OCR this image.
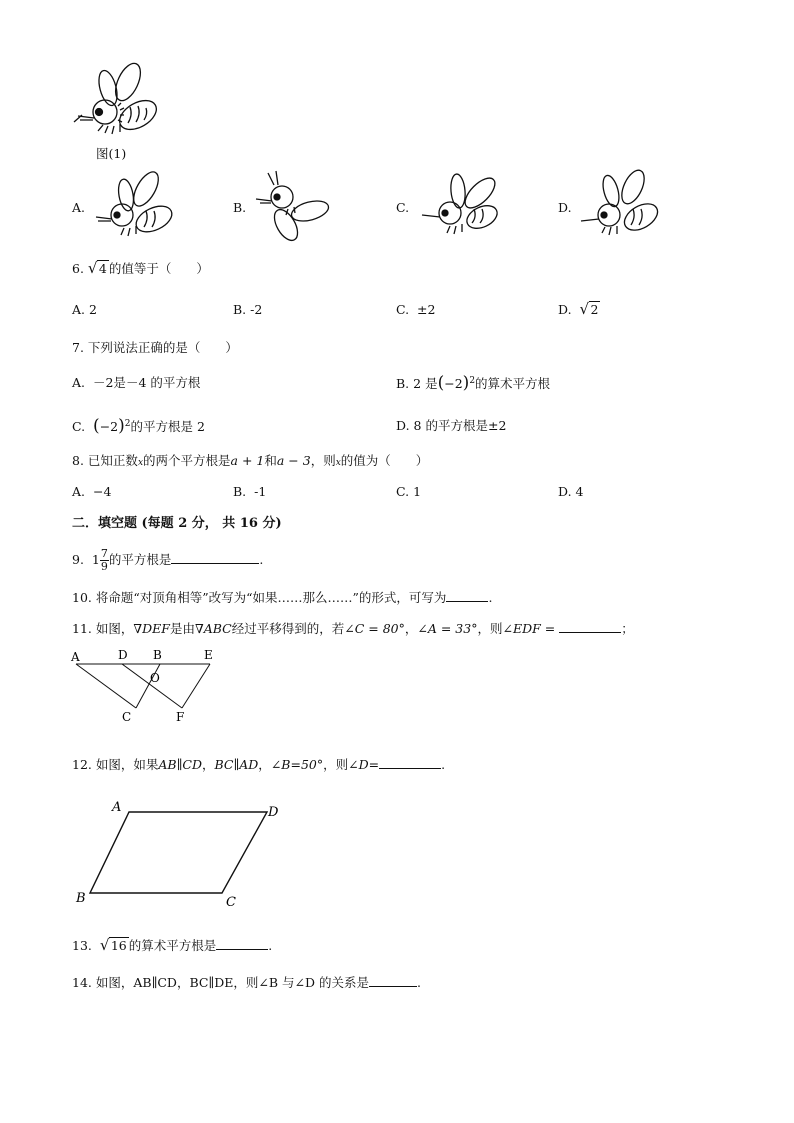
图(1)
A.	B.	C.	D.
6. √ 4 的值等于（　　）
A. 2	B. -2	C. ±2	D. √ 2
7. 下列说法正确的是（　　）
A. －2是－4 的平方根	B. 2 是$(-2)^2$的算术平方根
C. $(-2)^2$的平方根是 2	D. 8 的平方根是±2
8. 已知正数x的两个平方根是a + 1和a − 3，则x的值为（　　）
A. −4	B. -1	C. 1	D. 4
二．填空题 (每题 2 分， 共 16 分)
9. $1 \frac{7}{9}$ 的平方根是	.
10. 将命题“对顶角相等”改写为“如果……那么……”的形式，可写为	.
11. 如图，∇DEF是由∇ABC经过平移得到的，若∠C = 80°，∠A = 33°，则∠EDF =	；
A	D B	E
O
C	F
12. 如图，如果AB∥CD，BC∥AD，∠B=50°，则∠D=	.
A	D
B	C
13. √ 16 的算术平方根是	.
14. 如图，AB∥CD，BC∥DE，则∠B 与∠D 的关系是	.
